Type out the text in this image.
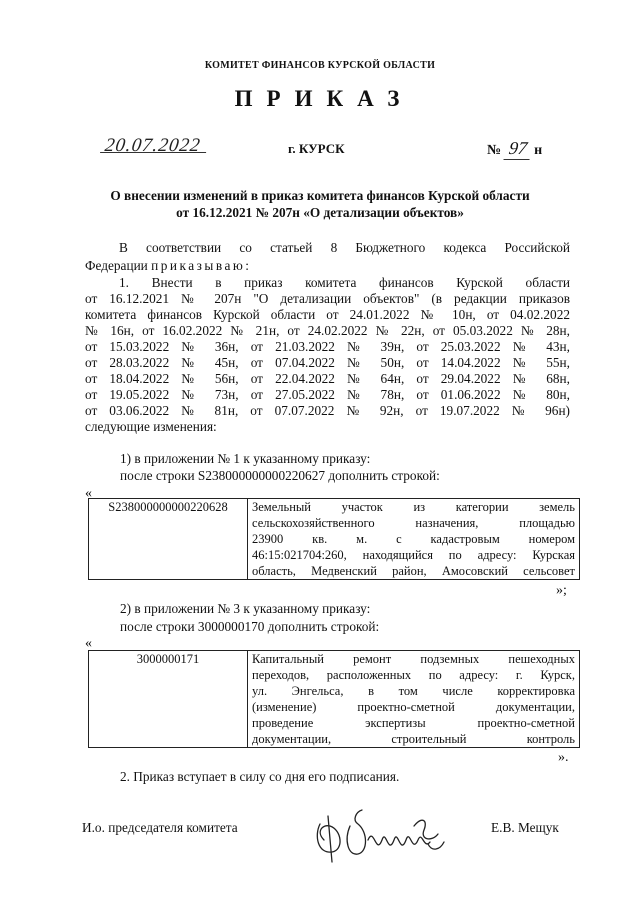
КОМИТЕТ ФИНАНСОВ КУРСКОЙ ОБЛАСТИ
ПРИКАЗ
20.07.2022	г. КУРСК	№ 97 н
О внесении изменений в приказ комитета финансов Курской области
от 16.12.2021 № 207н «О детализации объектов»
В соответствии со статьей 8 Бюджетного кодекса Российской
Федерации приказываю:
1. Внести в приказ комитета финансов Курской области
от 16.12.2021 № 207н "О детализации объектов" (в редакции приказов
комитета финансов Курской области от 24.01.2022 № 10н, от 04.02.2022
№ 16н, от 16.02.2022 № 21н, от 24.02.2022 № 22н, от 05.03.2022 № 28н,
от 15.03.2022 № 36н, от 21.03.2022 № 39н, от 25.03.2022 № 43н,
от 28.03.2022 № 45н, от 07.04.2022 № 50н, от 14.04.2022 № 55н,
от 18.04.2022 № 56н, от 22.04.2022 № 64н, от 29.04.2022 № 68н,
от 19.05.2022 № 73н, от 27.05.2022 № 78н, от 01.06.2022 № 80н,
от 03.06.2022 № 81н, от 07.07.2022 № 92н, от 19.07.2022 № 96н)
следующие изменения:
1) в приложении № 1 к указанному приказу:
после строки S238000000000220627 дополнить строкой:
«
S238000000000220628	Земельный участок из категории земель
сельскохозяйственного назначения, площадью
23900 кв. м. с кадастровым номером
46:15:021704:260, находящийся по адресу: Курская
область, Медвенский район, Амосовский сельсовет
»;
2) в приложении № 3 к указанному приказу:
после строки 3000000170 дополнить строкой:
«
3000000171	Капитальный ремонт подземных пешеходных
переходов, расположенных по адресу: г. Курск,
ул. Энгельса, в том числе корректировка
(изменение) проектно-сметной документации,
проведение экспертизы проектно-сметной
документации, строительный контроль
».
2. Приказ вступает в силу со дня его подписания.
И.о. председателя комитета	Е.В. Мещук
